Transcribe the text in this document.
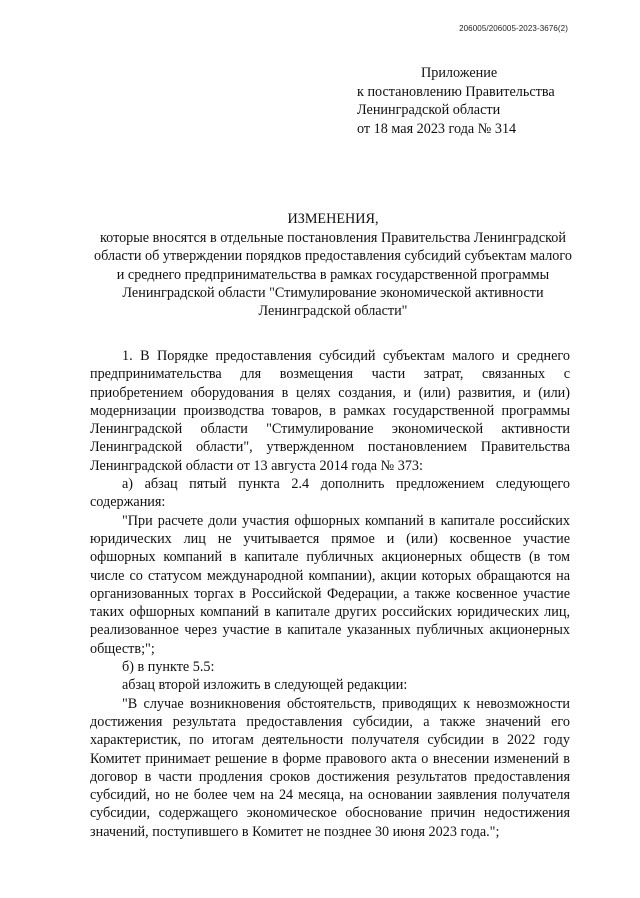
206005/206005-2023-3676(2)
Приложение
к постановлению Правительства
Ленинградской области
от 18 мая 2023 года № 314
ИЗМЕНЕНИЯ,
которые вносятся в отдельные постановления Правительства Ленинградской области об утверждении порядков предоставления субсидий субъектам малого и среднего предпринимательства в рамках государственной программы Ленинградской области "Стимулирование экономической активности Ленинградской области"

1. В Порядке предоставления субсидий субъектам малого и среднего предпринимательства для возмещения части затрат, связанных с приобретением оборудования в целях создания, и (или) развития, и (или) модернизации производства товаров, в рамках государственной программы Ленинградской области "Стимулирование экономической активности Ленинградской области", утвержденном постановлением Правительства Ленинградской области от 13 августа 2014 года № 373:

а) абзац пятый пункта 2.4 дополнить предложением следующего содержания:

"При расчете доли участия офшорных компаний в капитале российских юридических лиц не учитывается прямое и (или) косвенное участие офшорных компаний в капитале публичных акционерных обществ (в том числе со статусом международной компании), акции которых обращаются на организованных торгах в Российской Федерации, а также косвенное участие таких офшорных компаний в капитале других российских юридических лиц, реализованное через участие в капитале указанных публичных акционерных обществ;";

б) в пункте 5.5:

абзац второй изложить в следующей редакции:

"В случае возникновения обстоятельств, приводящих к невозможности достижения результата предоставления субсидии, а также значений его характеристик, по итогам деятельности получателя субсидии в 2022 году Комитет принимает решение в форме правового акта о внесении изменений в договор в части продления сроков достижения результатов предоставления субсидий, но не более чем на 24 месяца, на основании заявления получателя субсидии, содержащего экономическое обоснование причин недостижения значений, поступившего в Комитет не позднее 30 июня 2023 года.";
